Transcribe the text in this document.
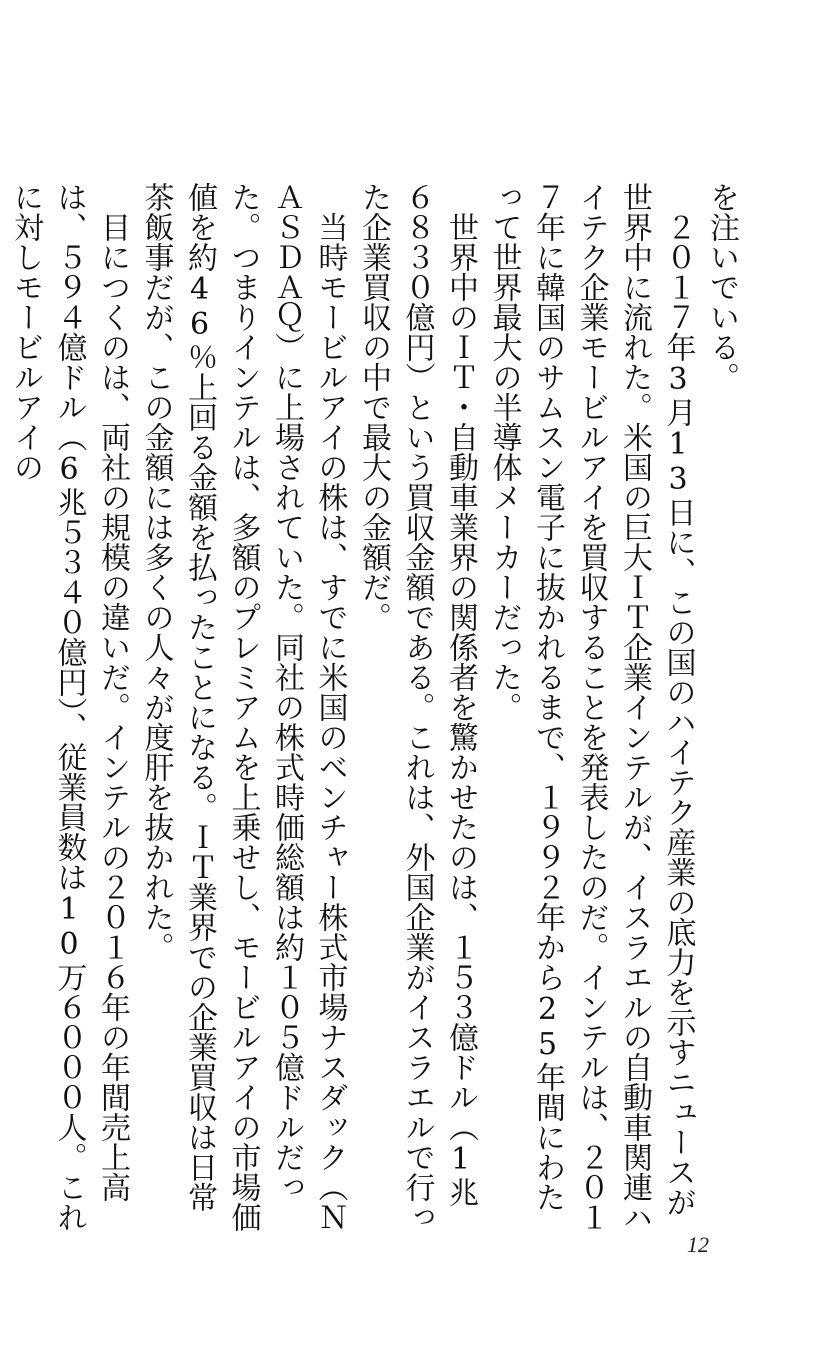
を注いでいる。

２０１７年3月13日に、この国のハイテク産業の底力を示すニュースが世界中に流れた。米国の巨大ＩＴ企業インテルが、イスラエルの自動車関連ハイテク企業モービルアイを買収することを発表したのだ。インテルは、２０１７年に韓国のサムスン電子に抜かれるまで、１９９２年から25年間にわたって世界最大の半導体メーカーだった。

世界中のＩＴ・自動車業界の関係者を驚かせたのは、１５３億ドル（1兆６８３０億円）という買収金額である。これは、外国企業がイスラエルで行った企業買収の中で最大の金額だ。

当時モービルアイの株は、すでに米国のベンチャー株式市場ナスダック（ＮＡＳＤＡＱ）に上場されていた。同社の株式時価総額は約１０５億ドルだった。つまりインテルは、多額のプレミアムを上乗せし、モービルアイの市場価値を約46％上回る金額を払ったことになる。ＩＴ業界での企業買収は日常茶飯事だが、この金額には多くの人々が度肝を抜かれた。

目につくのは、両社の規模の違いだ。インテルの２０１６年の年間売上高は、５９４億ドル（6兆５３４０億円）、従業員数は10万６０００人。これに対しモービルアイの

12
